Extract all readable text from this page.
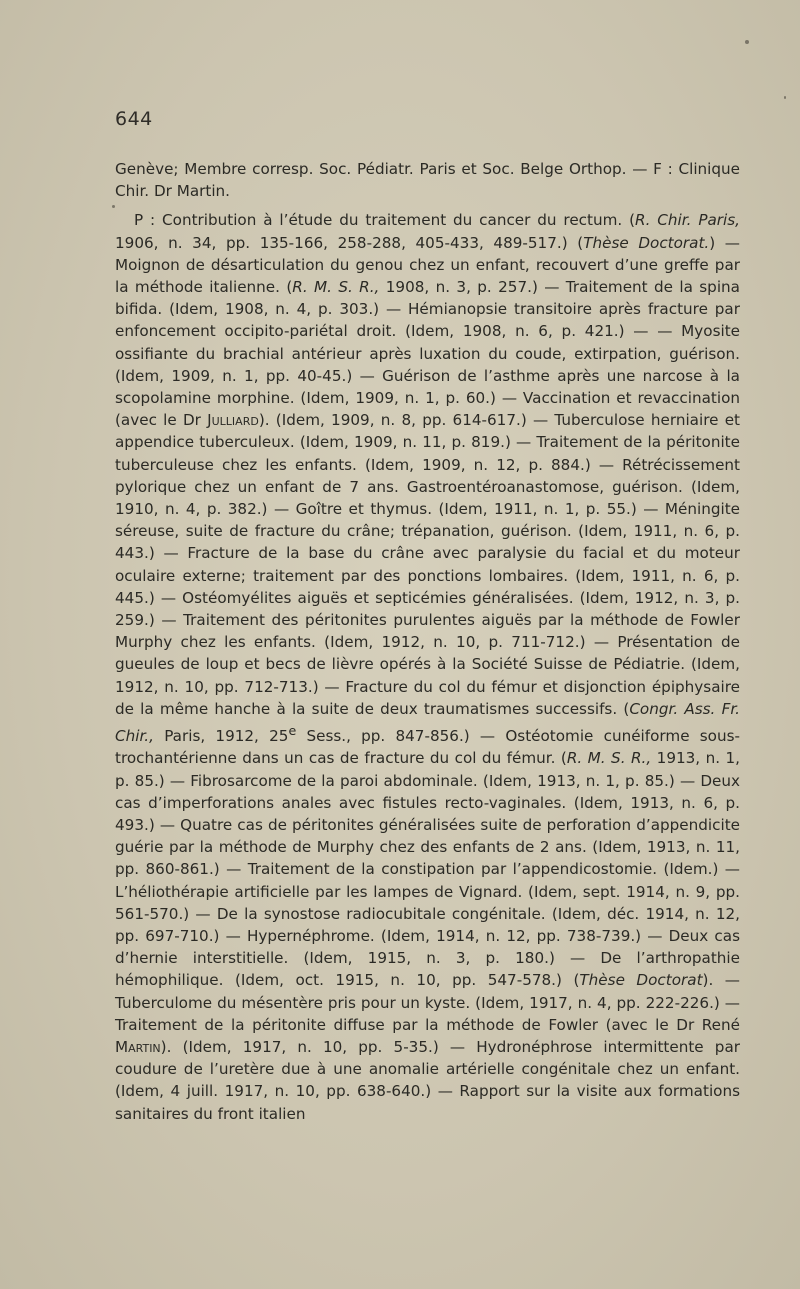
644

Genève; Membre corresp. Soc. Pédiatr. Paris et Soc. Belge Orthop. — F : Clinique Chir. Dr Martin.

P : Contribution à l’étude du traitement du cancer du rectum. (R. Chir. Paris, 1906, n. 34, pp. 135-166, 258-288, 405-433, 489-517.) (Thèse Doctorat.) — Moignon de désarticulation du genou chez un enfant, recouvert d’une greffe par la méthode italienne. (R. M. S. R., 1908, n. 3, p. 257.) — Traitement de la spina bifida. (Idem, 1908, n. 4, p. 303.) — Hémianopsie transitoire après fracture par enfoncement occipito-pariétal droit. (Idem, 1908, n. 6, p. 421.) — — Myosite ossifiante du brachial antérieur après luxation du coude, extirpation, guérison. (Idem, 1909, n. 1, pp. 40-45.) — Guérison de l’asthme après une narcose à la scopolamine morphine. (Idem, 1909, n. 1, p. 60.) — Vaccination et revaccination (avec le Dr Julliard). (Idem, 1909, n. 8, pp. 614-617.) — Tuberculose herniaire et appendice tuberculeux. (Idem, 1909, n. 11, p. 819.) — Traitement de la péritonite tuberculeuse chez les enfants. (Idem, 1909, n. 12, p. 884.) — Rétrécissement pylorique chez un enfant de 7 ans. Gastroentéroanastomose, guérison. (Idem, 1910, n. 4, p. 382.) — Goître et thymus. (Idem, 1911, n. 1, p. 55.) — Méningite séreuse, suite de fracture du crâne; trépanation, guérison. (Idem, 1911, n. 6, p. 443.) — Fracture de la base du crâne avec paralysie du facial et du moteur oculaire externe; traitement par des ponctions lombaires. (Idem, 1911, n. 6, p. 445.) — Ostéomyélites aiguës et septicémies généralisées. (Idem, 1912, n. 3, p. 259.) — Traitement des péritonites purulentes aiguës par la méthode de Fowler Murphy chez les enfants. (Idem, 1912, n. 10, p. 711-712.) — Présentation de gueules de loup et becs de lièvre opérés à la Société Suisse de Pédiatrie. (Idem, 1912, n. 10, pp. 712-713.) — Fracture du col du fémur et disjonction épiphysaire de la même hanche à la suite de deux traumatismes successifs. (Congr. Ass. Fr. Chir., Paris, 1912, 25e Sess., pp. 847-856.) — Ostéotomie cunéiforme sous-trochantérienne dans un cas de fracture du col du fémur. (R. M. S. R., 1913, n. 1, p. 85.) — Fibrosarcome de la paroi abdominale. (Idem, 1913, n. 1, p. 85.) — Deux cas d’imperforations anales avec fistules recto-vaginales. (Idem, 1913, n. 6, p. 493.) — Quatre cas de péritonites généralisées suite de perforation d’appendicite guérie par la méthode de Murphy chez des enfants de 2 ans. (Idem, 1913, n. 11, pp. 860-861.) — Traitement de la constipation par l’appendicostomie. (Idem.) — L’héliothérapie artificielle par les lampes de Vignard. (Idem, sept. 1914, n. 9, pp. 561-570.) — De la synostose radiocubitale congénitale. (Idem, déc. 1914, n. 12, pp. 697-710.) — Hypernéphrome. (Idem, 1914, n. 12, pp. 738-739.) — Deux cas d’hernie interstitielle. (Idem, 1915, n. 3, p. 180.) — De l’arthropathie hémophilique. (Idem, oct. 1915, n. 10, pp. 547-578.) (Thèse Doctorat). — Tuberculome du mésentère pris pour un kyste. (Idem, 1917, n. 4, pp. 222-226.) — Traitement de la péritonite diffuse par la méthode de Fowler (avec le Dr René Martin). (Idem, 1917, n. 10, pp. 5-35.) — Hydronéphrose intermittente par coudure de l’uretère due à une anomalie artérielle congénitale chez un enfant. (Idem, 4 juill. 1917, n. 10, pp. 638-640.) — Rapport sur la visite aux formations sanitaires du front italien
